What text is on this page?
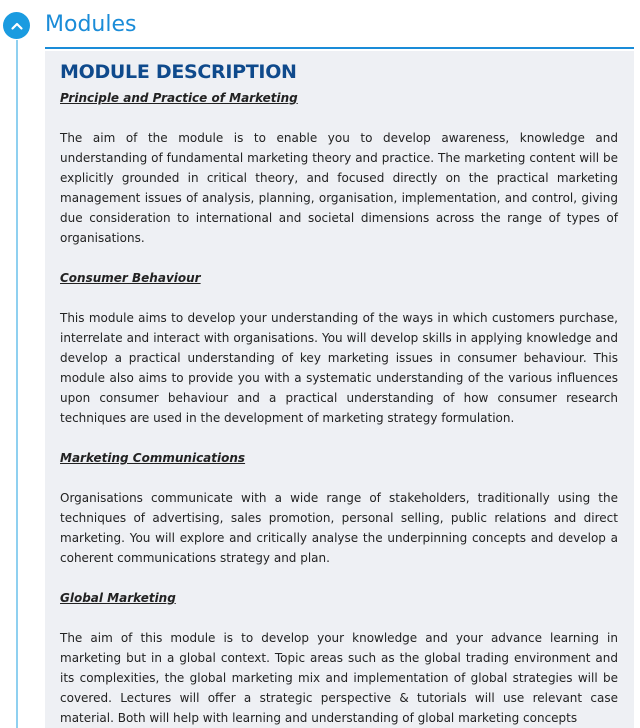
Modules
MODULE DESCRIPTION
Principle and Practice of Marketing

The aim of the module is to enable you to develop awareness, knowledge and understanding of fundamental marketing theory and practice. The marketing content will be explicitly grounded in critical theory, and focused directly on the practical marketing management issues of analysis, planning, organisation, implementation, and control, giving due consideration to international and societal dimensions across the range of types of organisations.

Consumer Behaviour

This module aims to develop your understanding of the ways in which customers purchase, interrelate and interact with organisations. You will develop skills in applying knowledge and develop a practical understanding of key marketing issues in consumer behaviour. This module also aims to provide you with a systematic understanding of the various influences upon consumer behaviour and a practical understanding of how consumer research techniques are used in the development of marketing strategy formulation.

Marketing Communications

Organisations communicate with a wide range of stakeholders, traditionally using the techniques of advertising, sales promotion, personal selling, public relations and direct marketing. You will explore and critically analyse the underpinning concepts and develop a coherent communications strategy and plan.

Global Marketing

The aim of this module is to develop your knowledge and your advance learning in marketing but in a global context. Topic areas such as the global trading environment and its complexities, the global marketing mix and implementation of global strategies will be covered. Lectures will offer a strategic perspective & tutorials will use relevant case material. Both will help with learning and understanding of global marketing concepts
